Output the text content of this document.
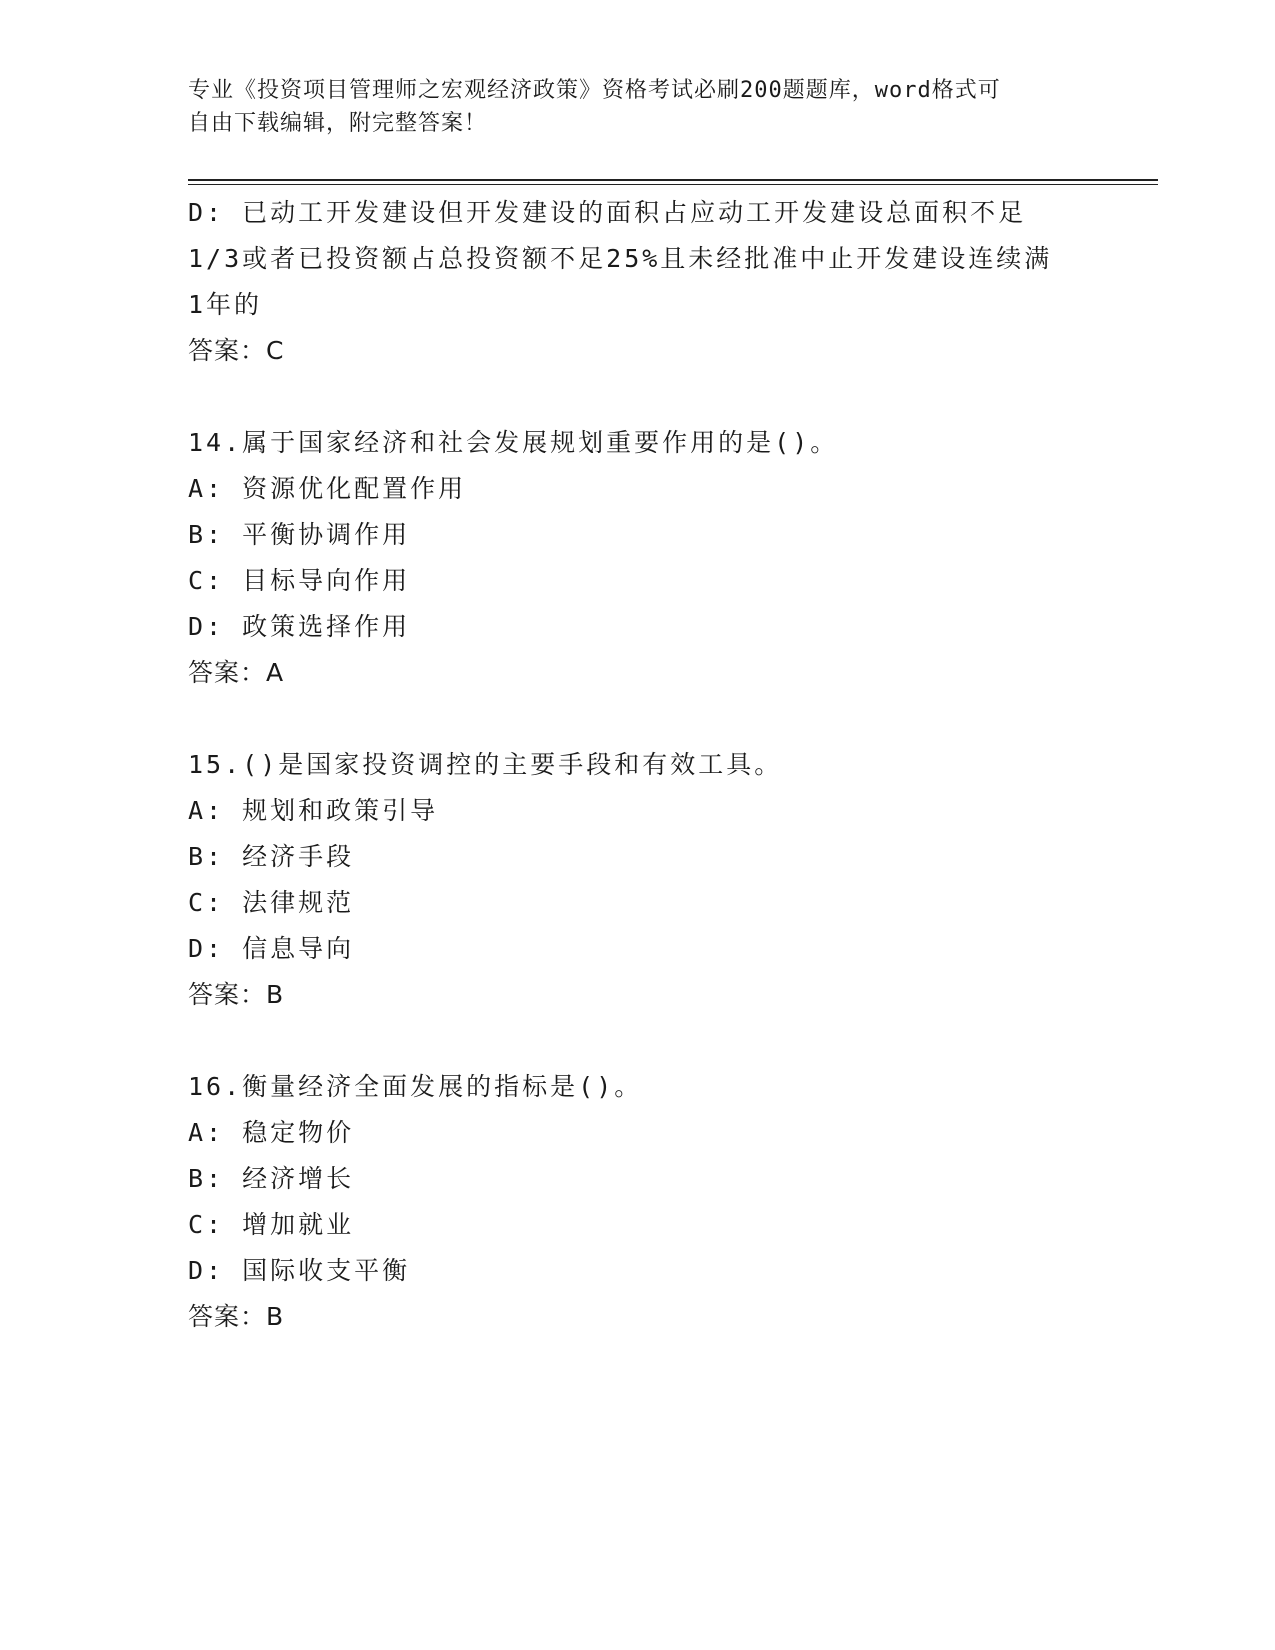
专业《投资项目管理师之宏观经济政策》资格考试必刷200题题库，word格式可
自由下载编辑，附完整答案！
D: 已动工开发建设但开发建设的面积占应动工开发建设总面积不足
1/3或者已投资额占总投资额不足25%且未经批准中止开发建设连续满
1年的
答案：C
14.属于国家经济和社会发展规划重要作用的是()。
A: 资源优化配置作用
B: 平衡协调作用
C: 目标导向作用
D: 政策选择作用
答案：A
15.()是国家投资调控的主要手段和有效工具。
A: 规划和政策引导
B: 经济手段
C: 法律规范
D: 信息导向
答案：B
16.衡量经济全面发展的指标是()。
A: 稳定物价
B: 经济增长
C: 增加就业
D: 国际收支平衡
答案：B
